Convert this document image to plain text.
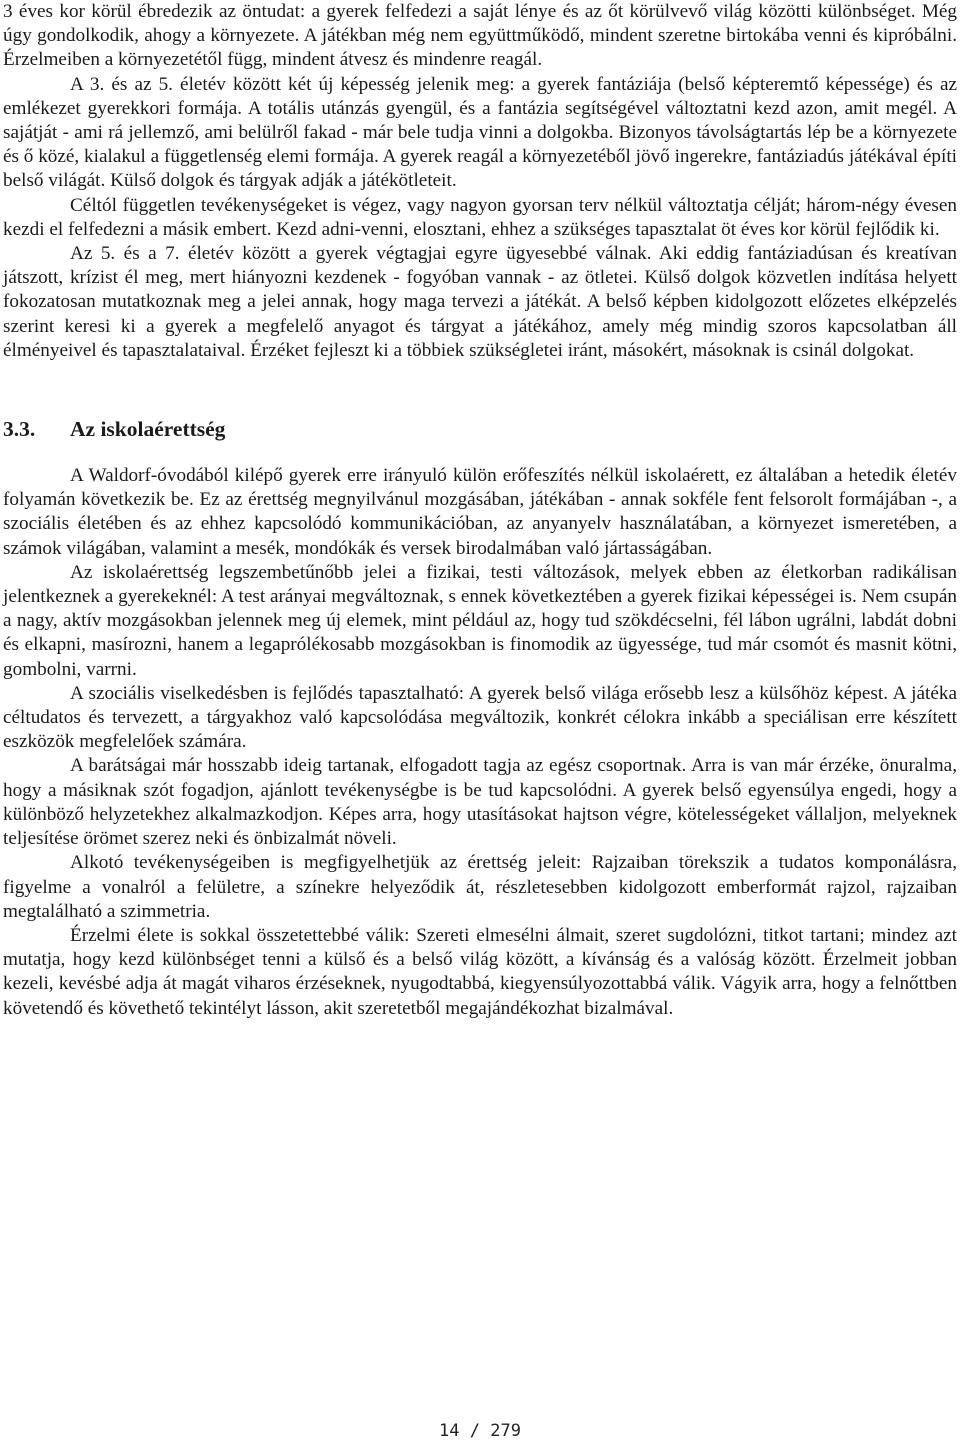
3 éves kor körül ébredezik az öntudat: a gyerek felfedezi a saját lénye és az őt körülvevő világ közötti különbséget. Még úgy gondolkodik, ahogy a környezete. A játékban még nem együttműködő, mindent szeretne birtokába venni és kipróbálni. Érzelmeiben a környezetétől függ, mindent átvesz és mindenre reagál.

A 3. és az 5. életév között két új képesség jelenik meg: a gyerek fantáziája (belső képteremtő képessége) és az emlékezet gyerekkori formája. A totális utánzás gyengül, és a fantázia segítségével változtatni kezd azon, amit megél. A sajátját - ami rá jellemző, ami belülről fakad - már bele tudja vinni a dolgokba. Bizonyos távolságtartás lép be a környezete és ő közé, kialakul a függetlenség elemi formája. A gyerek reagál a környezetéből jövő ingerekre, fantáziadús játékával építi belső világát. Külső dolgok és tárgyak adják a játékötleteit.

Céltól független tevékenységeket is végez, vagy nagyon gyorsan terv nélkül változtatja célját; három-négy évesen kezdi el felfedezni a másik embert. Kezd adni-venni, elosztani, ehhez a szükséges tapasztalat öt éves kor körül fejlődik ki.

Az 5. és a 7. életév között a gyerek végtagjai egyre ügyesebbé válnak. Aki eddig fantáziadúsan és kreatívan játszott, krízist él meg, mert hiányozni kezdenek - fogyóban vannak - az ötletei. Külső dolgok közvetlen indítása helyett fokozatosan mutatkoznak meg a jelei annak, hogy maga tervezi a játékát. A belső képben kidolgozott előzetes elképzelés szerint keresi ki a gyerek a megfelelő anyagot és tárgyat a játékához, amely még mindig szoros kapcsolatban áll élményeivel és tapasztalataival. Érzéket fejleszt ki a többiek szükségletei iránt, másokért, másoknak is csinál dolgokat.

3.3.	Az iskolaérettség

A Waldorf-óvodából kilépő gyerek erre irányuló külön erőfeszítés nélkül iskolaérett, ez általában a hetedik életév folyamán következik be. Ez az érettség megnyilvánul mozgásában, játékában - annak sokféle fent felsorolt formájában -, a szociális életében és az ehhez kapcsolódó kommunikációban, az anyanyelv használatában, a környezet ismeretében, a számok világában, valamint a mesék, mondókák és versek birodalmában való jártasságában.

Az iskolaérettség legszembetűnőbb jelei a fizikai, testi változások, melyek ebben az életkorban radikálisan jelentkeznek a gyerekeknél: A test arányai megváltoznak, s ennek következtében a gyerek fizikai képességei is. Nem csupán a nagy, aktív mozgásokban jelennek meg új elemek, mint például az, hogy tud szökdécselni, fél lábon ugrálni, labdát dobni és elkapni, masírozni, hanem a legaprólékosabb mozgásokban is finomodik az ügyessége, tud már csomót és masnit kötni, gombolni, varrni.

A szociális viselkedésben is fejlődés tapasztalható: A gyerek belső világa erősebb lesz a külsőhöz képest. A játéka céltudatos és tervezett, a tárgyakhoz való kapcsolódása megváltozik, konkrét célokra inkább a speciálisan erre készített eszközök megfelelőek számára.

A barátságai már hosszabb ideig tartanak, elfogadott tagja az egész csoportnak. Arra is van már érzéke, önuralma, hogy a másiknak szót fogadjon, ajánlott tevékenységbe is be tud kapcsolódni. A gyerek belső egyensúlya engedi, hogy a különböző helyzetekhez alkalmazkodjon. Képes arra, hogy utasításokat hajtson végre, kötelességeket vállaljon, melyeknek teljesítése örömet szerez neki és önbizalmát növeli.

Alkotó tevékenységeiben is megfigyelhetjük az érettség jeleit: Rajzaiban törekszik a tudatos komponálásra, figyelme a vonalról a felületre, a színekre helyeződik át, részletesebben kidolgozott emberformát rajzol, rajzaiban megtalálható a szimmetria.

Érzelmi élete is sokkal összetettebbé válik: Szereti elmesélni álmait, szeret sugdolózni, titkot tartani; mindez azt mutatja, hogy kezd különbséget tenni a külső és a belső világ között, a kívánság és a valóság között. Érzelmeit jobban kezeli, kevésbé adja át magát viharos érzéseknek, nyugodtabbá, kiegyensúlyozottabbá válik. Vágyik arra, hogy a felnőttben követendő és követhető tekintélyt lásson, akit szeretetből megajándékozhat bizalmával.

14 / 279
